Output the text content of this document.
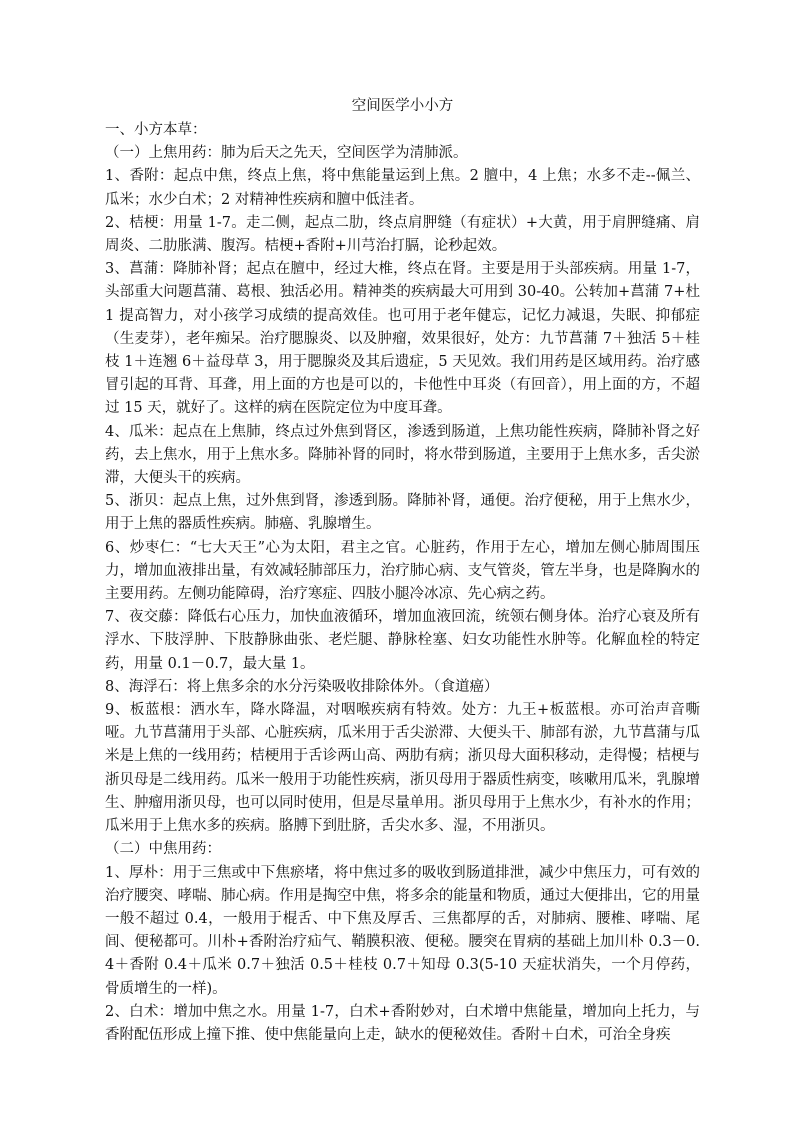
空间医学小小方

一、小方本草：

（一）上焦用药：肺为后天之先天，空间医学为清肺派。

1、香附：起点中焦，终点上焦，将中焦能量运到上焦。2 膻中，4 上焦；水多不走--佩兰、瓜米；水少白术；2 对精神性疾病和膻中低洼者。

2、桔梗：用量 1-7。走二侧，起点二肋，终点肩胛缝（有症状）+大黄，用于肩胛缝痛、肩周炎、二肋胀满、腹泻。桔梗+香附+川芎治打膈，论秒起效。

3、菖蒲：降肺补肾；起点在膻中，经过大椎，终点在肾。主要是用于头部疾病。用量 1-7，头部重大问题菖蒲、葛根、独活必用。精神类的疾病最大可用到 30-40。公转加+菖蒲 7+杜 1 提高智力，对小孩学习成绩的提高效佳。也可用于老年健忘，记忆力减退，失眠、抑郁症（生麦芽），老年痴呆。治疗腮腺炎、以及肿瘤，效果很好，处方：九节菖蒲 7＋独活 5＋桂枝 1＋连翘 6＋益母草 3，用于腮腺炎及其后遗症，5 天见效。我们用药是区域用药。治疗感冒引起的耳背、耳聋，用上面的方也是可以的，卡他性中耳炎（有回音），用上面的方，不超过 15 天，就好了。这样的病在医院定位为中度耳聋。

4、瓜米：起点在上焦肺，终点过外焦到肾区，渗透到肠道，上焦功能性疾病，降肺补肾之好药，去上焦水，用于上焦水多。降肺补肾的同时，将水带到肠道，主要用于上焦水多，舌尖淤滞，大便头干的疾病。

5、浙贝：起点上焦，过外焦到肾，渗透到肠。降肺补肾，通便。治疗便秘，用于上焦水少，用于上焦的器质性疾病。肺癌、乳腺增生。

6、炒枣仁：“七大天王”心为太阳，君主之官。心脏药，作用于左心，增加左侧心肺周围压力，增加血液排出量，有效减轻肺部压力，治疗肺心病、支气管炎，管左半身，也是降胸水的主要用药。左侧功能障碍，治疗寒症、四肢小腿冷冰凉、先心病之药。

7、夜交藤：降低右心压力，加快血液循环，增加血液回流，统领右侧身体。治疗心衰及所有浮水、下肢浮肿、下肢静脉曲张、老烂腿、静脉栓塞、妇女功能性水肿等。化解血栓的特定药，用量 0.1－0.7，最大量 1。

8、海浮石：将上焦多余的水分污染吸收排除体外。（食道癌）

9、板蓝根：洒水车，降水降温，对咽喉疾病有特效。处方：九王+板蓝根。亦可治声音嘶哑。九节菖蒲用于头部、心脏疾病，瓜米用于舌尖淤滞、大便头干、肺部有淤，九节菖蒲与瓜米是上焦的一线用药；桔梗用于舌诊两山高、两肋有病；浙贝母大面积移动，走得慢；桔梗与浙贝母是二线用药。瓜米一般用于功能性疾病，浙贝母用于器质性病变，咳嗽用瓜米，乳腺增生、肿瘤用浙贝母，也可以同时使用，但是尽量单用。浙贝母用于上焦水少，有补水的作用；瓜米用于上焦水多的疾病。胳膊下到肚脐，舌尖水多、湿，不用浙贝。

（二）中焦用药：

1、厚朴：用于三焦或中下焦瘀堵，将中焦过多的吸收到肠道排泄，减少中焦压力，可有效的治疗腰突、哮喘、肺心病。作用是掏空中焦，将多余的能量和物质，通过大便排出，它的用量一般不超过 0.4，一般用于棍舌、中下焦及厚舌、三焦都厚的舌，对肺病、腰椎、哮喘、尾闾、便秘都可。川朴+香附治疗疝气、鞘膜积液、便秘。腰突在胃病的基础上加川朴 0.3－0.4＋香附 0.4＋瓜米 0.7＋独活 0.5＋桂枝 0.7＋知母 0.3(5-10 天症状消失，一个月停药，骨质增生的一样)。

2、白术：增加中焦之水。用量 1-7，白术+香附妙对，白术增中焦能量，增加向上托力，与香附配伍形成上撞下推、使中焦能量向上走，缺水的便秘效佳。香附＋白术，可治全身疾
